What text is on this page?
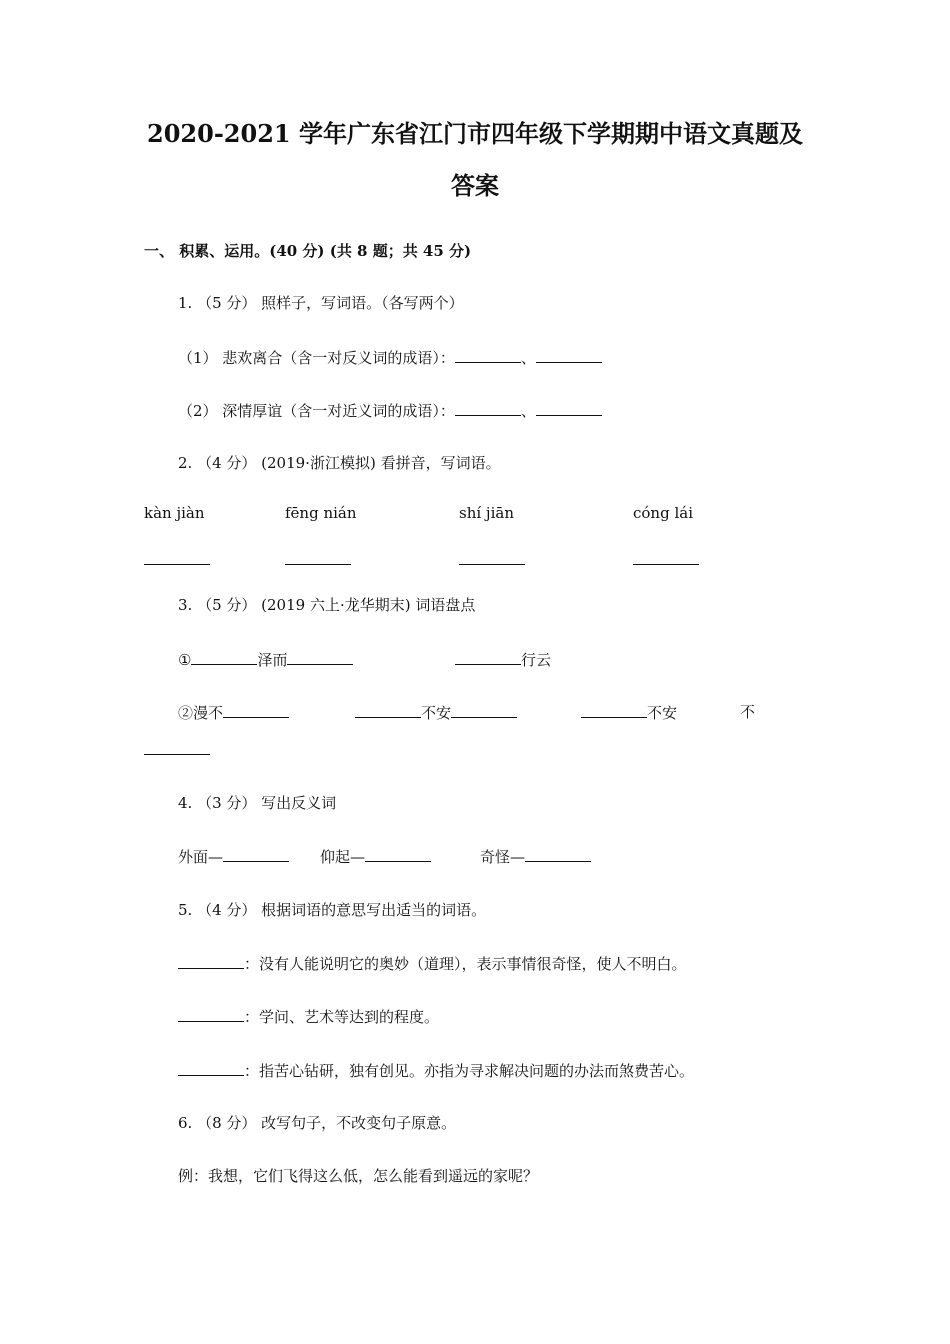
2020-2021 学年广东省江门市四年级下学期期中语文真题及
答案
一、 积累、运用。(40 分) (共 8 题；共 45 分)
1. （5 分） 照样子，写词语。（各写两个）
（1） 悲欢离合（含一对反义词的成语）：	、
（2） 深情厚谊（含一对近义词的成语）：	、
2. （4 分） (2019·浙江模拟) 看拼音，写词语。
kàn jiàn	fēng nián	shí jiān	cóng lái
3. （5 分） (2019 六上·龙华期末) 词语盘点
①	泽而	行云
②漫不	不安	不安	不
4. （3 分） 写出反义词
外面—	仰起—	奇怪—
5. （4 分） 根据词语的意思写出适当的词语。
：没有人能说明它的奥妙（道理），表示事情很奇怪，使人不明白。
：学问、艺术等达到的程度。
：指苦心钻研，独有创见。亦指为寻求解决问题的办法而煞费苦心。
6. （8 分） 改写句子，不改变句子原意。
例：我想，它们飞得这么低，怎么能看到遥远的家呢？
